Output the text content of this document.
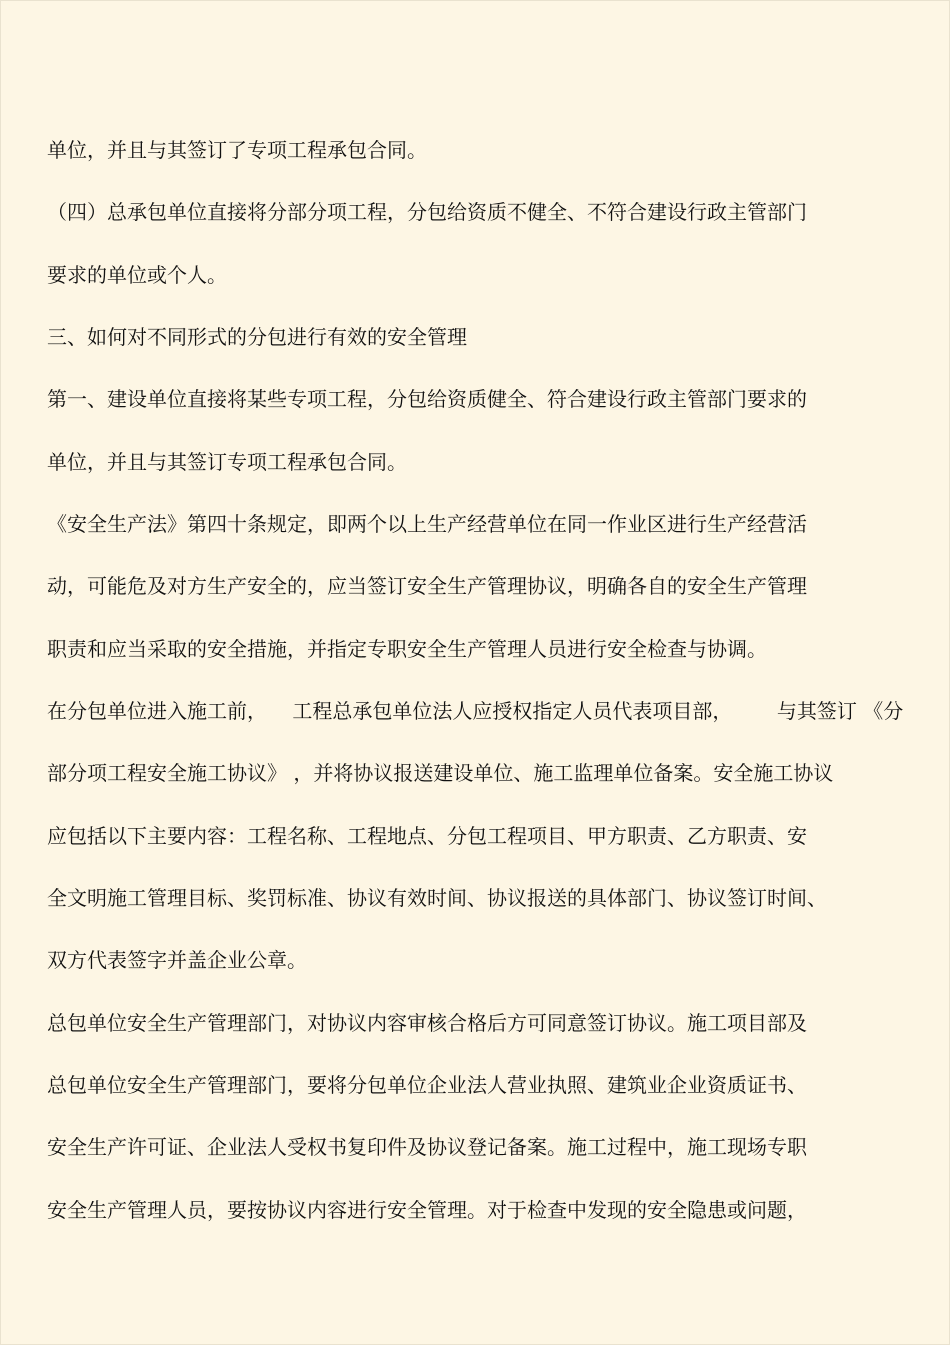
单位，并且与其签订了专项工程承包合同。
（四）总承包单位直接将分部分项工程，分包给资质不健全、不符合建设行政主管部门
要求的单位或个人。
三、如何对不同形式的分包进行有效的安全管理
第一、建设单位直接将某些专项工程，分包给资质健全、符合建设行政主管部门要求的
单位，并且与其签订专项工程承包合同。
《安全生产法》第四十条规定，即两个以上生产经营单位在同一作业区进行生产经营活
动，可能危及对方生产安全的，应当签订安全生产管理协议，明确各自的安全生产管理
职责和应当采取的安全措施，并指定专职安全生产管理人员进行安全检查与协调。
在分包单位进入施工前，    工程总承包单位法人应授权指定人员代表项目部，       与其签订 《分
部分项工程安全施工协议》 ，并将协议报送建设单位、施工监理单位备案。安全施工协议
应包括以下主要内容：工程名称、工程地点、分包工程项目、甲方职责、乙方职责、安
全文明施工管理目标、奖罚标准、协议有效时间、协议报送的具体部门、协议签订时间、
双方代表签字并盖企业公章。
总包单位安全生产管理部门，对协议内容审核合格后方可同意签订协议。施工项目部及
总包单位安全生产管理部门，要将分包单位企业法人营业执照、建筑业企业资质证书、
安全生产许可证、企业法人受权书复印件及协议登记备案。施工过程中，施工现场专职
安全生产管理人员，要按协议内容进行安全管理。对于检查中发现的安全隐患或问题，
